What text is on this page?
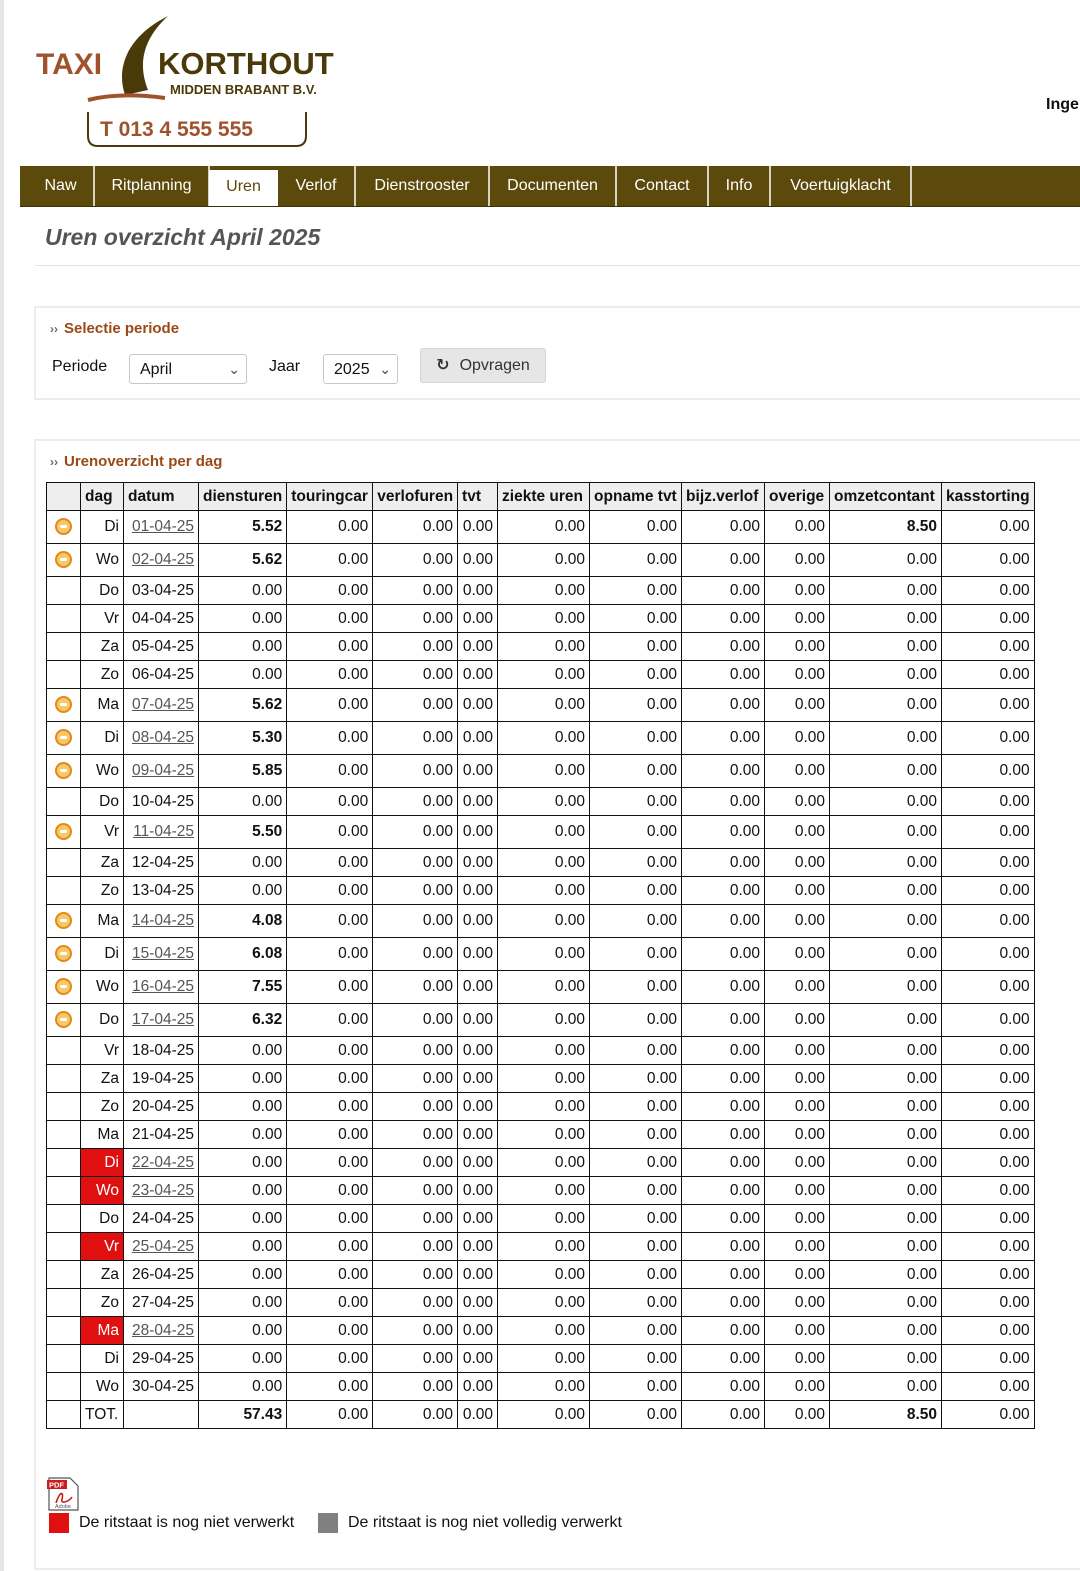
TAXI KORTHOUT
MIDDEN BRABANT B.V.
T 013 4 555 555
Inge
Naw	Ritplanning	Uren	Verlof	Dienstrooster	Documenten	Contact	Info	Voertuigklacht
Uren overzicht April 2025
›› Selectie periode
Periode	April	⌄ Jaar	2025 ⌄	↻ Opvragen
›› Urenoverzicht per dag
	dag	datum	diensturen	touringcar	verlofuren	tvt	ziekte uren	opname tvt	bijz.verlof	overige	omzetcontant	kasstorting
	Di	01-04-25	5.52	0.00	0.00	0.00	0.00	0.00	0.00	0.00	8.50	0.00
	Wo	02-04-25	5.62	0.00	0.00	0.00	0.00	0.00	0.00	0.00	0.00	0.00
	Do	03-04-25	0.00	0.00	0.00	0.00	0.00	0.00	0.00	0.00	0.00	0.00
	Vr	04-04-25	0.00	0.00	0.00	0.00	0.00	0.00	0.00	0.00	0.00	0.00
	Za	05-04-25	0.00	0.00	0.00	0.00	0.00	0.00	0.00	0.00	0.00	0.00
	Zo	06-04-25	0.00	0.00	0.00	0.00	0.00	0.00	0.00	0.00	0.00	0.00
	Ma	07-04-25	5.62	0.00	0.00	0.00	0.00	0.00	0.00	0.00	0.00	0.00
	Di	08-04-25	5.30	0.00	0.00	0.00	0.00	0.00	0.00	0.00	0.00	0.00
	Wo	09-04-25	5.85	0.00	0.00	0.00	0.00	0.00	0.00	0.00	0.00	0.00
	Do	10-04-25	0.00	0.00	0.00	0.00	0.00	0.00	0.00	0.00	0.00	0.00
	Vr	11-04-25	5.50	0.00	0.00	0.00	0.00	0.00	0.00	0.00	0.00	0.00
	Za	12-04-25	0.00	0.00	0.00	0.00	0.00	0.00	0.00	0.00	0.00	0.00
	Zo	13-04-25	0.00	0.00	0.00	0.00	0.00	0.00	0.00	0.00	0.00	0.00
	Ma	14-04-25	4.08	0.00	0.00	0.00	0.00	0.00	0.00	0.00	0.00	0.00
	Di	15-04-25	6.08	0.00	0.00	0.00	0.00	0.00	0.00	0.00	0.00	0.00
	Wo	16-04-25	7.55	0.00	0.00	0.00	0.00	0.00	0.00	0.00	0.00	0.00
	Do	17-04-25	6.32	0.00	0.00	0.00	0.00	0.00	0.00	0.00	0.00	0.00
	Vr	18-04-25	0.00	0.00	0.00	0.00	0.00	0.00	0.00	0.00	0.00	0.00
	Za	19-04-25	0.00	0.00	0.00	0.00	0.00	0.00	0.00	0.00	0.00	0.00
	Zo	20-04-25	0.00	0.00	0.00	0.00	0.00	0.00	0.00	0.00	0.00	0.00
	Ma	21-04-25	0.00	0.00	0.00	0.00	0.00	0.00	0.00	0.00	0.00	0.00
	Di	22-04-25	0.00	0.00	0.00	0.00	0.00	0.00	0.00	0.00	0.00	0.00
	Wo	23-04-25	0.00	0.00	0.00	0.00	0.00	0.00	0.00	0.00	0.00	0.00
	Do	24-04-25	0.00	0.00	0.00	0.00	0.00	0.00	0.00	0.00	0.00	0.00
	Vr	25-04-25	0.00	0.00	0.00	0.00	0.00	0.00	0.00	0.00	0.00	0.00
	Za	26-04-25	0.00	0.00	0.00	0.00	0.00	0.00	0.00	0.00	0.00	0.00
	Zo	27-04-25	0.00	0.00	0.00	0.00	0.00	0.00	0.00	0.00	0.00	0.00
	Ma	28-04-25	0.00	0.00	0.00	0.00	0.00	0.00	0.00	0.00	0.00	0.00
	Di	29-04-25	0.00	0.00	0.00	0.00	0.00	0.00	0.00	0.00	0.00	0.00
	Wo	30-04-25	0.00	0.00	0.00	0.00	0.00	0.00	0.00	0.00	0.00	0.00
	TOT.		57.43	0.00	0.00	0.00	0.00	0.00	0.00	0.00	8.50	0.00
PDF
Adobe
De ritstaat is nog niet verwerkt	De ritstaat is nog niet volledig verwerkt
